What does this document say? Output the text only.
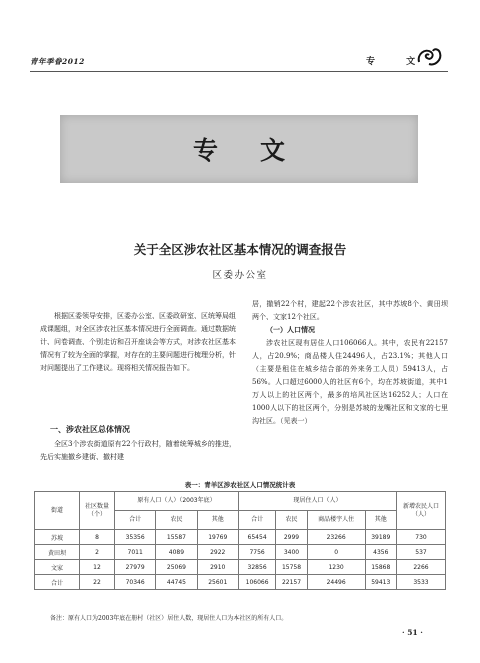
青年季眷2012	专 文
专文
关于全区涉农社区基本情况的调查报告
区委办公室

根据区委领导安排，区委办公室、区委政研室、区统筹局组成课题组，对全区涉农社区基本情况进行全面调查。通过数据统计、问卷调查、个别走访和召开座谈会等方式，对涉农社区基本情况有了较为全面的掌握，对存在的主要问题进行梳理分析，针对问题提出了工作建议。现将相关情况报告如下。

一、涉农社区总体情况

全区3个涉农街道原有22个行政村，随着统筹城乡的推进，先后实施撤乡建街、撤村建

居，撤销22个村，建起22个涉农社区，其中苏坡8个、黄田坝两个、文家12个社区。

（一）人口情况

涉农社区现有居住人口106066人。其中，农民有22157人，占20.9%；商品楼人住24496人，占23.1%；其他人口（主要是租住在城乡结合部的外来务工人员）59413人，占56%。人口超过6000人的社区有6个，均在苏坡街道，其中1万人以上的社区两个，最多的培风社区达16252人；人口在1000人以下的社区两个，分别是苏坡的龙嘴社区和文家的七里沟社区。（见表一）

表一：青羊区涉农社区人口情况统计表
街道	社区数量（个）	原有人口（人）（2003年底）			现居住人口（人）				新增农民人口（人）
		合计	农民	其他	合计	农民	商品楼宇人住	其他	
苏坡	8	35356	15587	19769	65454	2999	23266	39189	730
黄田坝	2	7011	4089	2922	7756	3400	0	4356	537
文家	12	27979	25069	2910	32856	15758	1230	15868	2266
合计	22	70346	44745	25601	106066	22157	24496	59413	3533
备注：原有人口为2003年底在册村（社区）居住人数，现居住人口为本社区的所有人口。
· 51 ·
